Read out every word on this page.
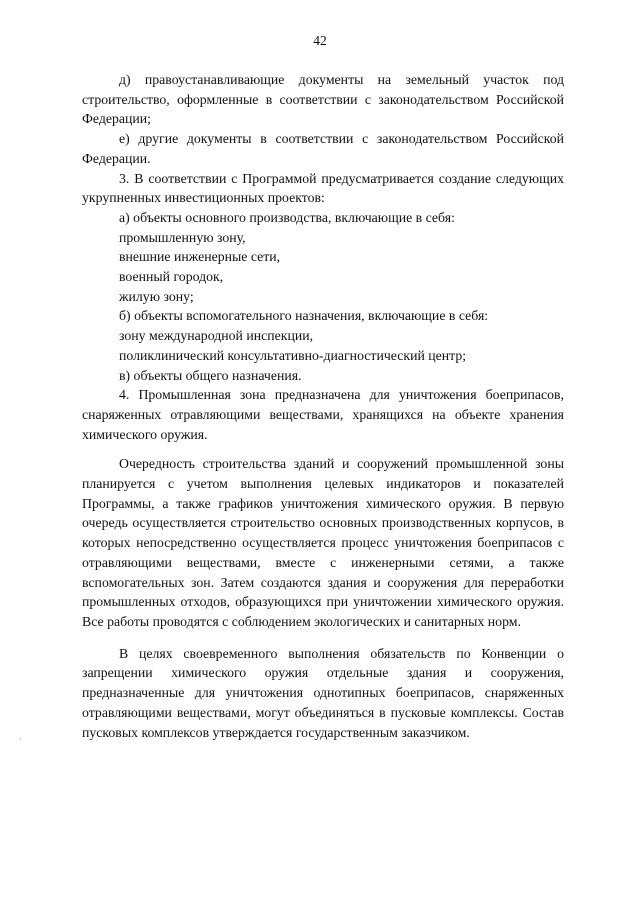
42

д) правоустанавливающие документы на земельный участок под строительство, оформленные в соответствии с законодательством Российской Федерации;

е) другие документы в соответствии с законодательством Российской Федерации.

3. В соответствии с Программой предусматривается создание следующих укрупненных инвестиционных проектов:

а) объекты основного производства, включающие в себя:

промышленную зону,

внешние инженерные сети,

военный городок,

жилую зону;

б) объекты вспомогательного назначения, включающие в себя:

зону международной инспекции,

поликлинический консультативно-диагностический центр;

в) объекты общего назначения.

4. Промышленная зона предназначена для уничтожения боеприпасов, снаряженных отравляющими веществами, хранящихся на объекте хранения химического оружия.

Очередность строительства зданий и сооружений промышленной зоны планируется с учетом выполнения целевых индикаторов и показателей Программы, а также графиков уничтожения химического оружия. В первую очередь осуществляется строительство основных производственных корпусов, в которых непосредственно осуществляется процесс уничтожения боеприпасов с отравляющими веществами, вместе с инженерными сетями, а также вспомогательных зон. Затем создаются здания и сооружения для переработки промышленных отходов, образующихся при уничтожении химического оружия. Все работы проводятся с соблюдением экологических и санитарных норм.

В целях своевременного выполнения обязательств по Конвенции о запрещении химического оружия отдельные здания и сооружения, предназначенные для уничтожения однотипных боеприпасов, снаряженных отравляющими веществами, могут объединяться в пусковые комплексы. Состав пусковых комплексов утверждается государственным заказчиком.

·
